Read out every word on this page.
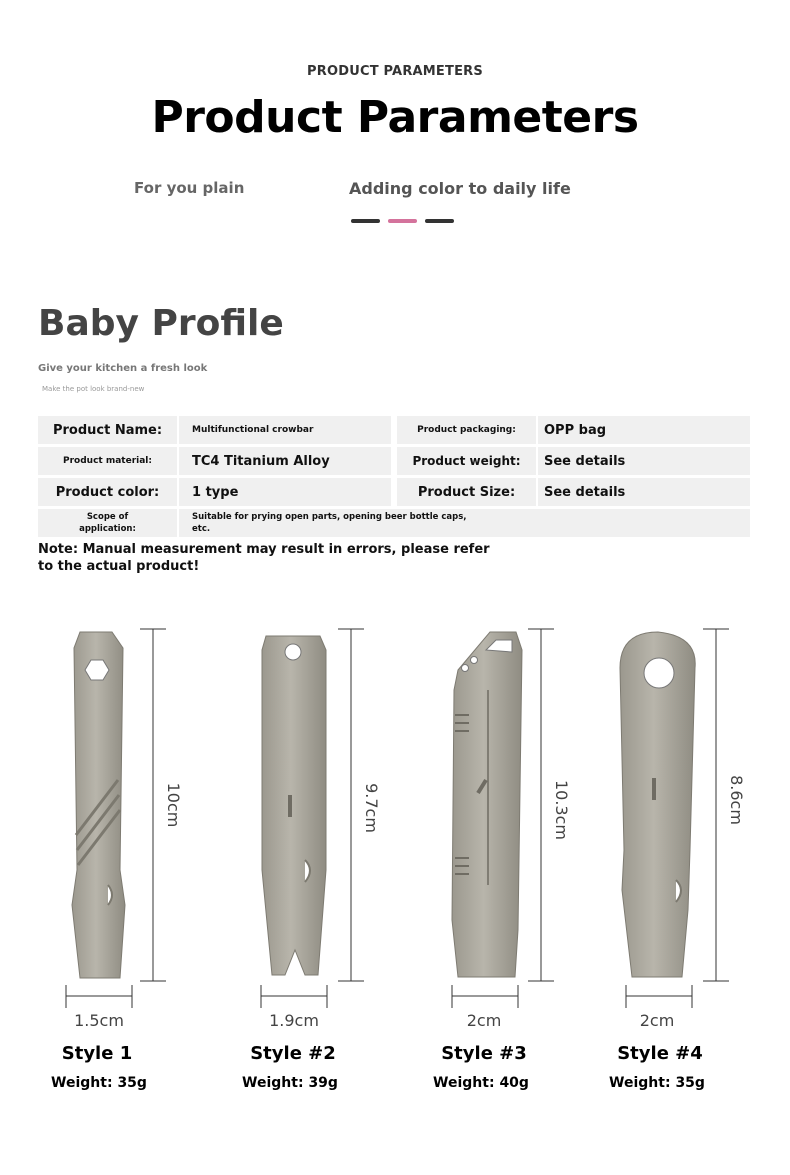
PRODUCT PARAMETERS
Product Parameters
For you plain	Adding color to daily life
Baby Profile
Give your kitchen a fresh look
Make the pot look brand-new
Product Name:	Multifunctional crowbar	Product packaging:	OPP bag
Product material:	TC4 Titanium Alloy	Product weight:	See details
Product color:	1 type	Product Size:	See details
Scope of application:
Suitable for prying open parts, opening beer bottle caps, etc.
Note: Manual measurement may result in errors, please refer to the actual product!
10cm
1.5cm
9.7cm
1.9cm
10.3cm
2cm
8.6cm
2cm
Style 1
Weight: 35g
Style #2
Weight: 39g
Style #3
Weight: 40g
Style #4
Weight: 35g
